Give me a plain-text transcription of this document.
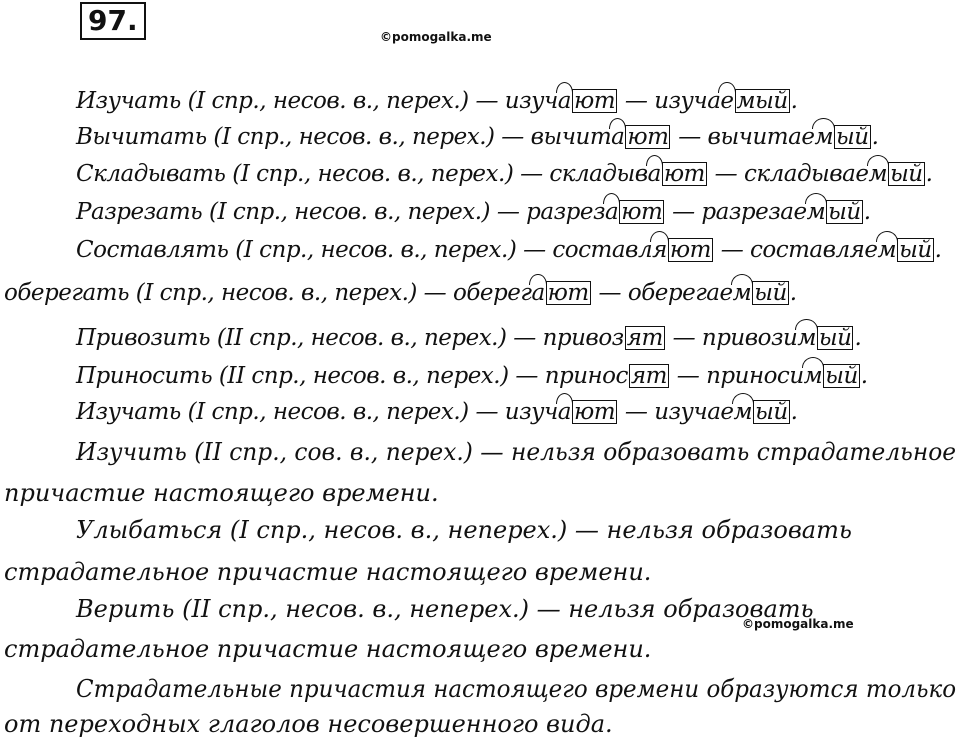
97.	©pomogalka.me
©pomogalka.me
Изучать (I спр., несов. в., перех.) — изуча ют — изучае мый .
Вычитать (I спр., несов. в., перех.) — вычита ют — вычитаем ый .
Складывать (I спр., несов. в., перех.) — складыва ют — складываем ый .
Разрезать (I спр., несов. в., перех.) — разреза ют — разрезаем ый .
Составлять (I спр., несов. в., перех.) — составля ют — составляем ый .
оберегать (I спр., несов. в., перех.) — оберега ют — оберегаем ый .
Привозить (II спр., несов. в., перех.) — привоз ят — привозим ый .
Приносить (II спр., несов. в., перех.) — принос ят — приносим ый .
Изучать (I спр., несов. в., перех.) — изуча ют — изучаем ый .
Изучить (II спр., сов. в., перех.) — нельзя образовать страдательное
причастие настоящего времени.
Улыбаться (I спр., несов. в., неперех.) — нельзя образовать
страдательное причастие настоящего времени.
Верить (II спр., несов. в., неперех.) — нельзя образовать
страдательное причастие настоящего времени.
Страдательные причастия настоящего времени образуются только
от переходных глаголов несовершенного вида.
